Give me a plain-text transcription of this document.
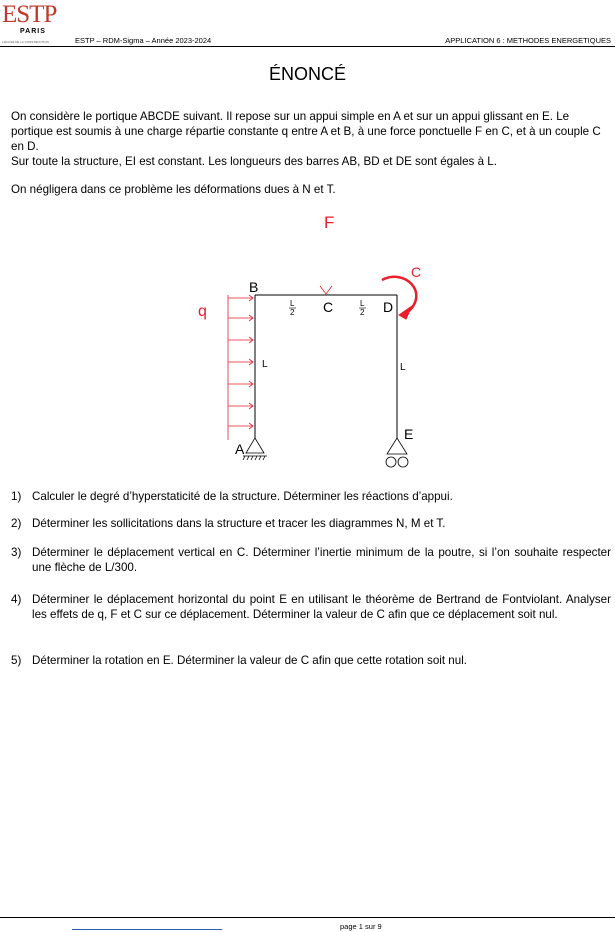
ESTP
PARIS
L'ÉCOLE DE LA CONSTRUCTION	ESTP – RDM-Sigma – Année 2023-2024	APPLICATION 6 : METHODES ENERGETIQUES
ÉNONCÉ
On considère le portique ABCDE suivant. Il repose sur un appui simple en A et sur un appui glissant en E. Le portique est soumis à une charge répartie constante q entre A et B, à une force ponctuelle F en C, et à un couple C en D.
Sur toute la structure, EI est constant. Les longueurs des barres AB, BD et DE sont égales à L.
On négligera dans ce problème les déformations dues à N et T.
F
C
q
B
C	D
A
E
L	L
L
2
L
2
1) Calculer le degré d’hyperstaticité de la structure. Déterminer les réactions d’appui.
2) Déterminer les sollicitations dans la structure et tracer les diagrammes N, M et T.
3) Déterminer le déplacement vertical en C. Déterminer l’inertie minimum de la poutre, si l’on souhaite respecter une flèche de L/300.
4) Déterminer le déplacement horizontal du point E en utilisant le théorème de Bertrand de Fontviolant. Analyser les effets de q, F et C sur ce déplacement. Déterminer la valeur de C afin que ce déplacement soit nul.
5) Déterminer la rotation en E. Déterminer la valeur de C afin que cette rotation soit nul.
page 1 sur 9
